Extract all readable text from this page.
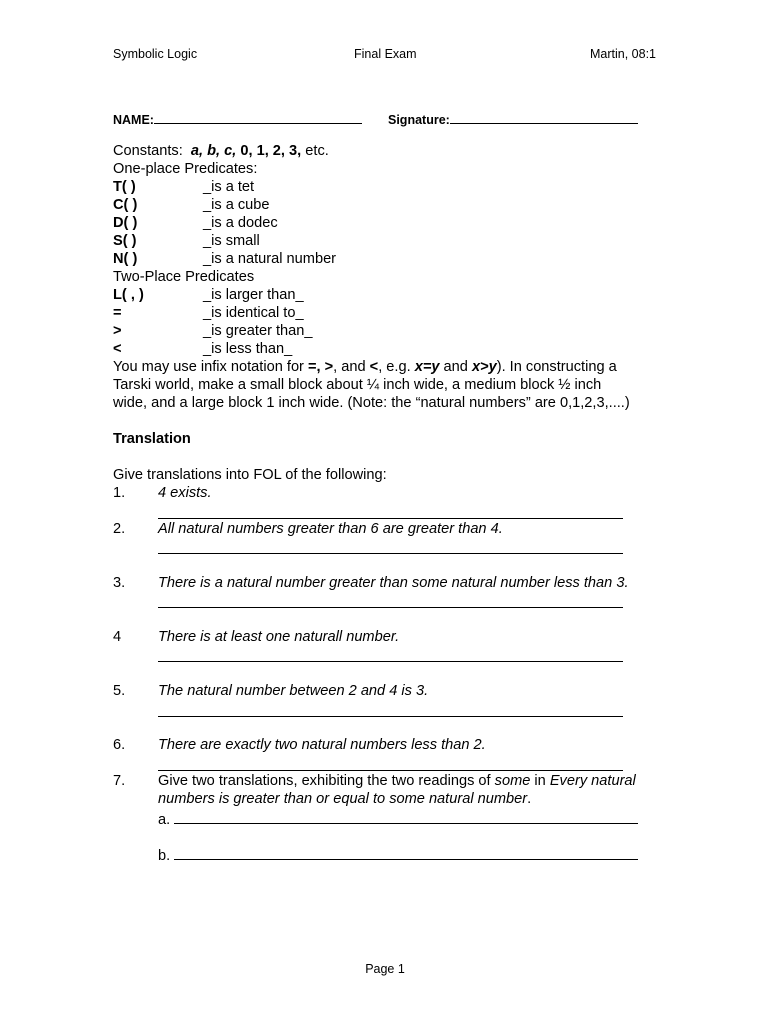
Symbolic Logic	Final Exam	Martin, 08:1
NAME:	Signature:
Constants: a, b, c, 0, 1, 2, 3, etc.
One-place Predicates:
T( )	_is a tet
C( )	_is a cube
D( )	_is a dodec
S( )	_is small
N( )	_is a natural number
Two-Place Predicates
L( , )	_is larger than_
=	_is identical to_
>	_is greater than_
<	_is less than_
You may use infix notation for =, >, and <, e.g. x=y and x>y). In constructing a
Tarski world, make a small block about ¼ inch wide, a medium block ½ inch
wide, and a large block 1 inch wide. (Note: the “natural numbers” are 0,1,2,3,....)
Translation
Give translations into FOL of the following:
1. 4 exists.
2. All natural numbers greater than 6 are greater than 4.
3. There is a natural number greater than some natural number less than 3.
4	There is at least one naturall number.
5. The natural number between 2 and 4 is 3.
6. There are exactly two natural numbers less than 2.
7. Give two translations, exhibiting the two readings of some in Every natural
numbers is greater than or equal to some natural number.
a.
b.
Page 1
